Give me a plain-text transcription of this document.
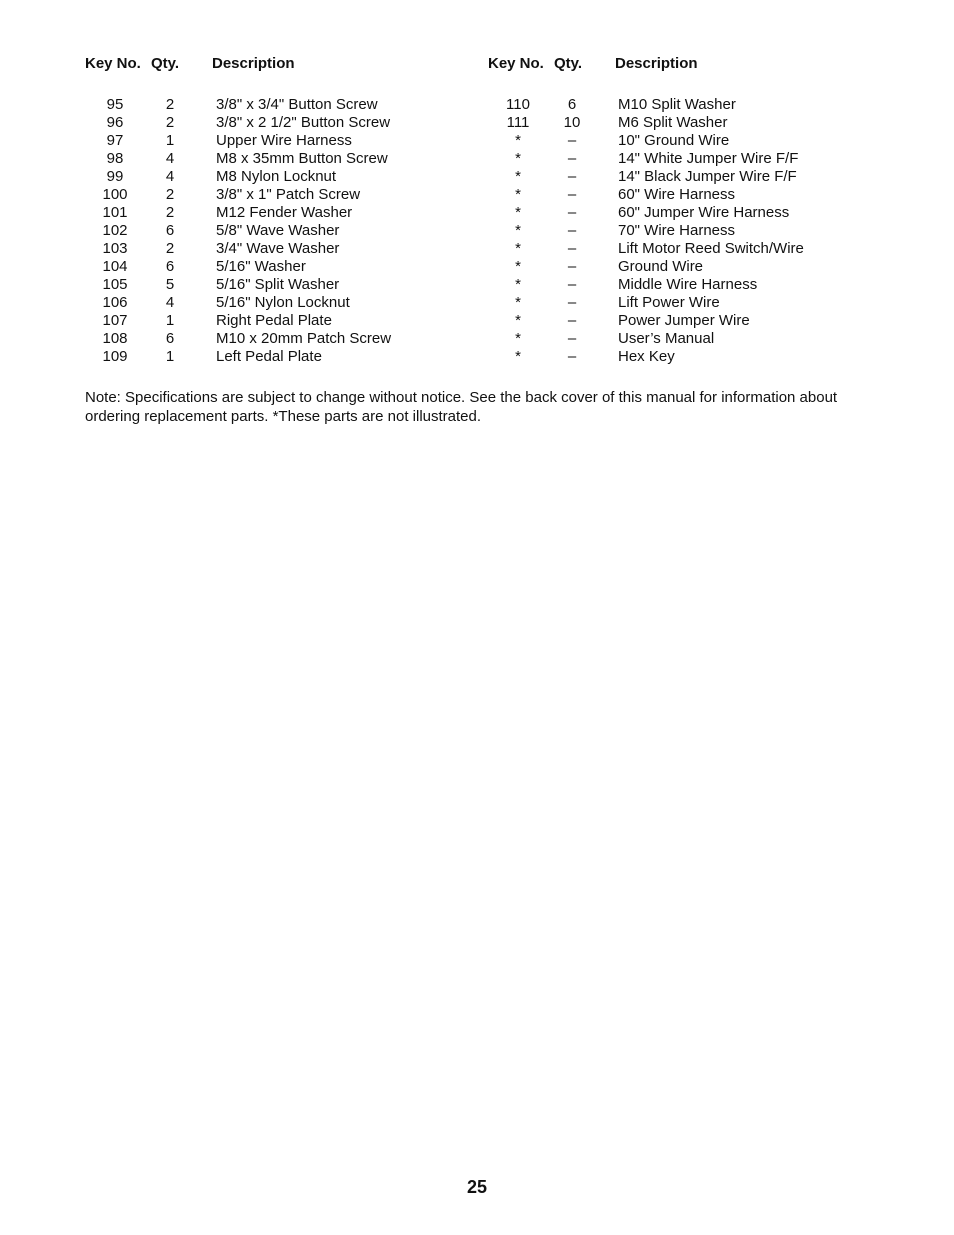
Key No. Qty. Description	Key No. Qty. Description
95	2	3/8" x 3/4" Button Screw	110	6	M10 Split Washer
96	2	3/8" x 2 1/2" Button Screw	111	10	M6 Split Washer
97	1	Upper Wire Harness	*	–	10" Ground Wire
98	4	M8 x 35mm Button Screw	*	–	14" White Jumper Wire F/F
99	4	M8 Nylon Locknut	*	–	14" Black Jumper Wire F/F
100	2	3/8" x 1" Patch Screw	*	–	60" Wire Harness
101	2	M12 Fender Washer	*	–	60" Jumper Wire Harness
102	6	5/8" Wave Washer	*	–	70" Wire Harness
103	2	3/4" Wave Washer	*	–	Lift Motor Reed Switch/Wire
104	6	5/16" Washer	*	–	Ground Wire
105	5	5/16" Split Washer	*	–	Middle Wire Harness
106	4	5/16" Nylon Locknut	*	–	Lift Power Wire
107	1	Right Pedal Plate	*	–	Power Jumper Wire
108	6	M10 x 20mm Patch Screw	*	–	User’s Manual
109	1	Left Pedal Plate	*	–	Hex Key

Note: Specifications are subject to change without notice. See the back cover of this manual for information about ordering replacement parts. *These parts are not illustrated.

25
